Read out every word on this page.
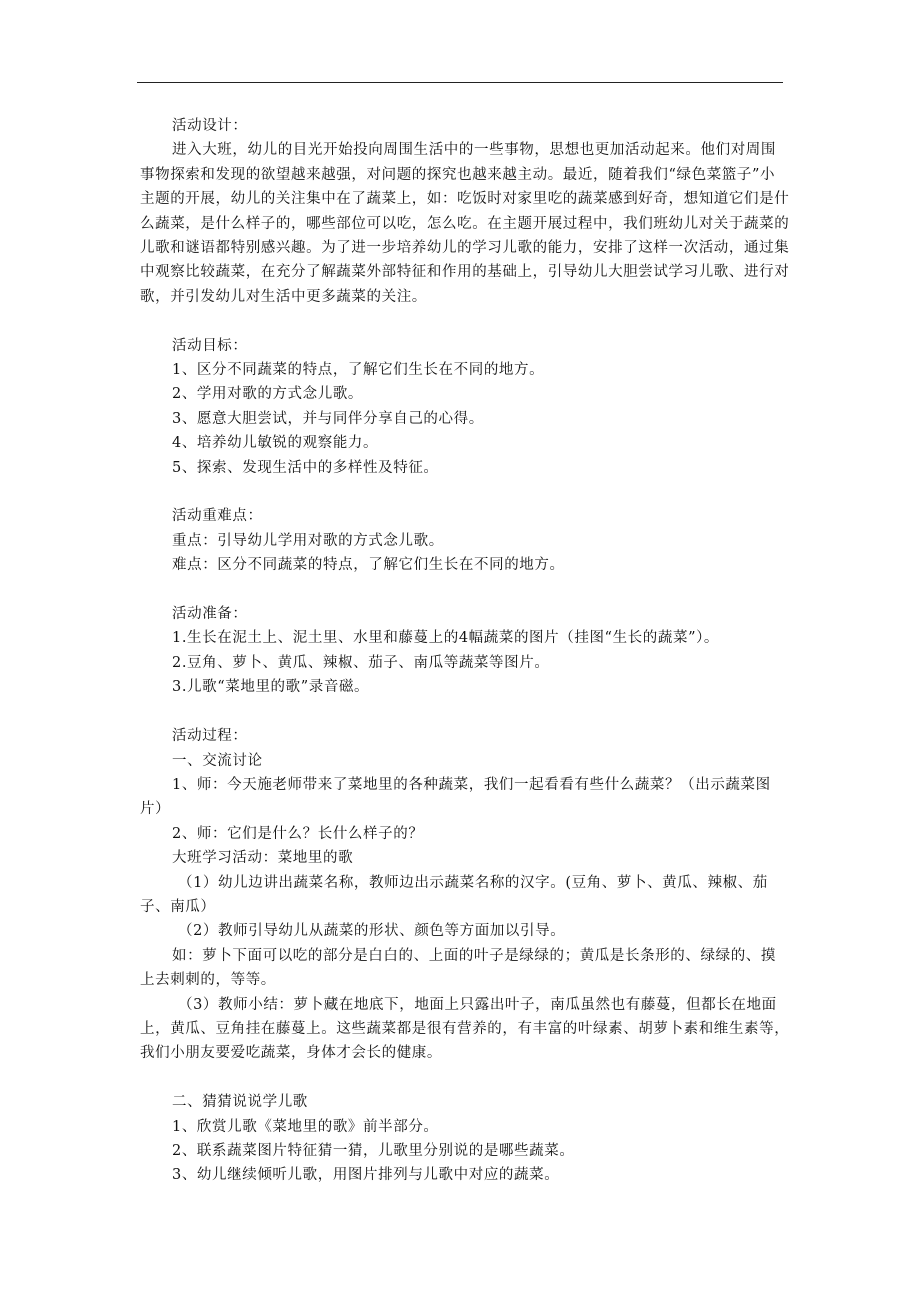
活动设计：

进入大班，幼儿的目光开始投向周围生活中的一些事物，思想也更加活动起来。他们对周围事物探索和发现的欲望越来越强，对问题的探究也越来越主动。最近，随着我们“绿色菜篮子”小主题的开展，幼儿的关注集中在了蔬菜上，如：吃饭时对家里吃的蔬菜感到好奇，想知道它们是什么蔬菜，是什么样子的，哪些部位可以吃，怎么吃。在主题开展过程中，我们班幼儿对关于蔬菜的儿歌和谜语都特别感兴趣。为了进一步培养幼儿的学习儿歌的能力，安排了这样一次活动，通过集中观察比较蔬菜，在充分了解蔬菜外部特征和作用的基础上，引导幼儿大胆尝试学习儿歌、进行对歌，并引发幼儿对生活中更多蔬菜的关注。

活动目标：

1、区分不同蔬菜的特点，了解它们生长在不同的地方。

2、学用对歌的方式念儿歌。

3、愿意大胆尝试，并与同伴分享自己的心得。

4、培养幼儿敏锐的观察能力。

5、探索、发现生活中的多样性及特征。

活动重难点：

重点：引导幼儿学用对歌的方式念儿歌。

难点：区分不同蔬菜的特点，了解它们生长在不同的地方。

活动准备：

1.生长在泥土上、泥土里、水里和藤蔓上的4幅蔬菜的图片（挂图“生长的蔬菜”）。

2.豆角、萝卜、黄瓜、辣椒、茄子、南瓜等蔬菜等图片。

3.儿歌“菜地里的歌”录音磁。

活动过程：

一、交流讨论

1、师：今天施老师带来了菜地里的各种蔬菜，我们一起看看有些什么蔬菜？（出示蔬菜图片）

2、师：它们是什么？长什么样子的？

大班学习活动：菜地里的歌

（1）幼儿边讲出蔬菜名称，教师边出示蔬菜名称的汉字。(豆角、萝卜、黄瓜、辣椒、茄子、南瓜）

（2）教师引导幼儿从蔬菜的形状、颜色等方面加以引导。

如：萝卜下面可以吃的部分是白白的、上面的叶子是绿绿的；黄瓜是长条形的、绿绿的、摸上去刺刺的，等等。

（3）教师小结：萝卜藏在地底下，地面上只露出叶子，南瓜虽然也有藤蔓，但都长在地面上，黄瓜、豆角挂在藤蔓上。这些蔬菜都是很有营养的，有丰富的叶绿素、胡萝卜素和维生素等，我们小朋友要爱吃蔬菜，身体才会长的健康。

二、猜猜说说学儿歌

1、欣赏儿歌《菜地里的歌》前半部分。

2、联系蔬菜图片特征猜一猜，儿歌里分别说的是哪些蔬菜。

3、幼儿继续倾听儿歌，用图片排列与儿歌中对应的蔬菜。
